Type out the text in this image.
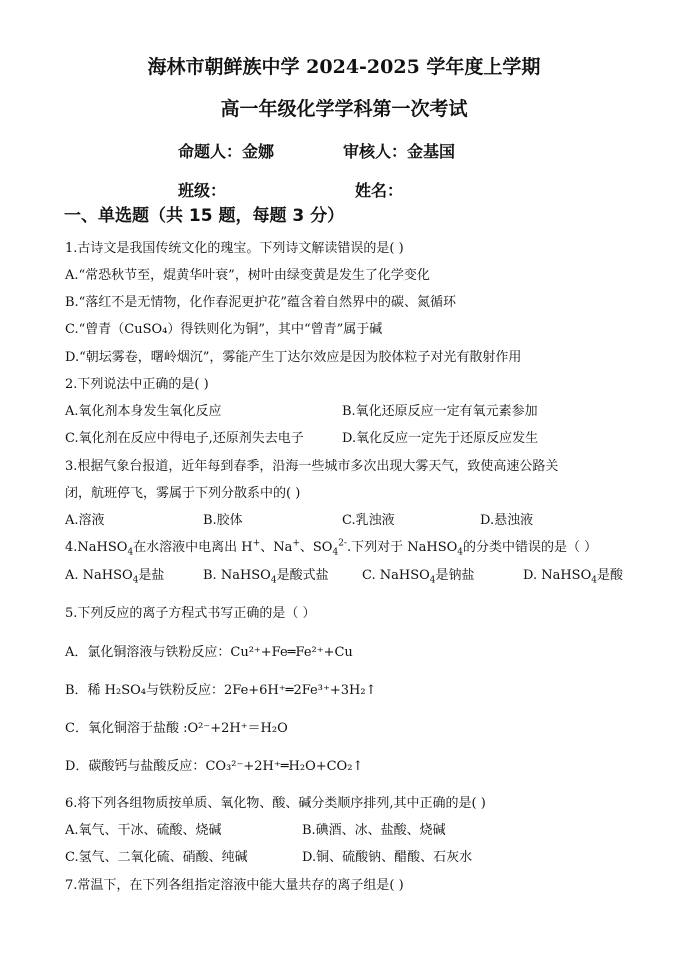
海林市朝鲜族中学 2024-2025 学年度上学期
高一年级化学学科第一次考试
命题人：金娜	审核人：金基国
班级：	姓名：
一、单选题（共 15 题，每题 3 分）
1.古诗文是我国传统文化的瑰宝。下列诗文解读错误的是( )
A.“常恐秋节至，焜黄华叶衰”，树叶由绿变黄是发生了化学变化
B.“落红不是无情物，化作春泥更护花”蕴含着自然界中的碳、氮循环
C.“曾青（CuSO₄）得铁则化为铜”，其中“曾青”属于碱
D.“朝坛雾卷，曙岭烟沉”，雾能产生丁达尔效应是因为胶体粒子对光有散射作用
2.下列说法中正确的是( )
A.氧化剂本身发生氧化反应	B.氧化还原反应一定有氧元素参加
C.氧化剂在反应中得电子,还原剂失去电子	D.氧化反应一定先于还原反应发生
3.根据气象台报道，近年每到春季，沿海一些城市多次出现大雾天气，致使高速公路关
闭，航班停飞，雾属于下列分散系中的( )
A.溶液	B.胶体	C.乳浊液	D.悬浊液
4.NaHSO$_4$在水溶液中电离出 H+、Na+、$SO_4^{2-}$.下列对于 NaHSO$_4$的分类中错误的是（ ）
A. NaHSO$_4$是盐	B. NaHSO$_4$是酸式盐	C. NaHSO$_4$是钠盐	D. NaHSO$_4$是酸
5.下列反应的离子方程式书写正确的是（ ）
A．氯化铜溶液与铁粉反应：Cu²⁺+Fe═Fe²⁺+Cu
B．稀 H₂SO₄与铁粉反应：2Fe+6H⁺═2Fe³⁺+3H₂↑
C．氧化铜溶于盐酸 :O²⁻+2H⁺＝H₂O
D．碳酸钙与盐酸反应：CO₃²⁻+2H⁺═H₂O+CO₂↑
6.将下列各组物质按单质、氧化物、酸、碱分类顺序排列,其中正确的是( )
A.氧气、干冰、硫酸、烧碱	B.碘酒、冰、盐酸、烧碱
C.氢气、二氧化硫、硝酸、纯碱	D.铜、硫酸钠、醋酸、石灰水
7.常温下，在下列各组指定溶液中能大量共存的离子组是( )
